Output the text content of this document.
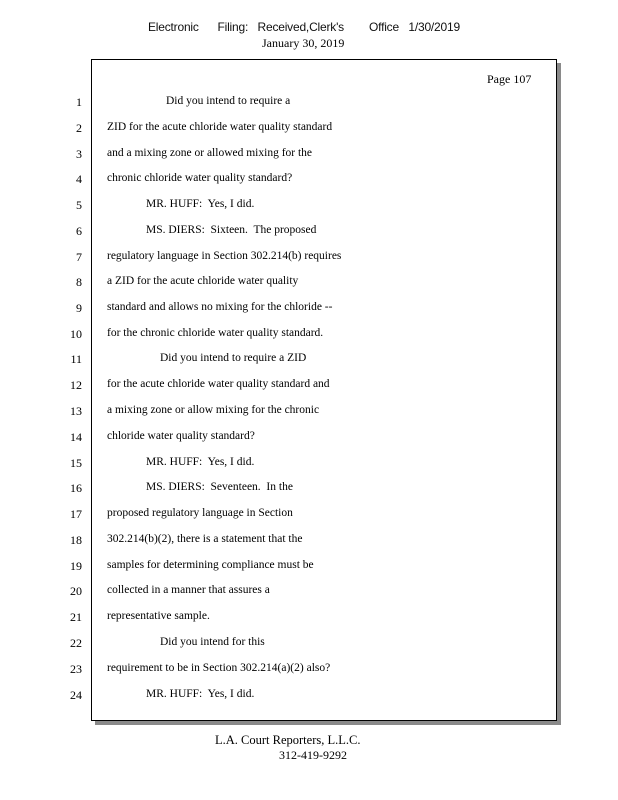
Electronic      Filing:   Received,Clerk's        Office   1/30/2019
January 30, 2019
Page 107
1	Did you intend to require a
2 ZID for the acute chloride water quality standard
3 and a mixing zone or allowed mixing for the
4 chronic chloride water quality standard?
5	MR. HUFF:  Yes, I did.
6	MS. DIERS:  Sixteen.  The proposed
7 regulatory language in Section 302.214(b) requires
8 a ZID for the acute chloride water quality
9 standard and allows no mixing for the chloride --
10 for the chronic chloride water quality standard.
11	Did you intend to require a ZID
12 for the acute chloride water quality standard and
13 a mixing zone or allow mixing for the chronic
14 chloride water quality standard?
15	MR. HUFF:  Yes, I did.
16	MS. DIERS:  Seventeen.  In the
17 proposed regulatory language in Section
18 302.214(b)(2), there is a statement that the
19 samples for determining compliance must be
20 collected in a manner that assures a
21 representative sample.
22	Did you intend for this
23 requirement to be in Section 302.214(a)(2) also?
24	MR. HUFF:  Yes, I did.
L.A. Court Reporters, L.L.C.
312-419-9292
